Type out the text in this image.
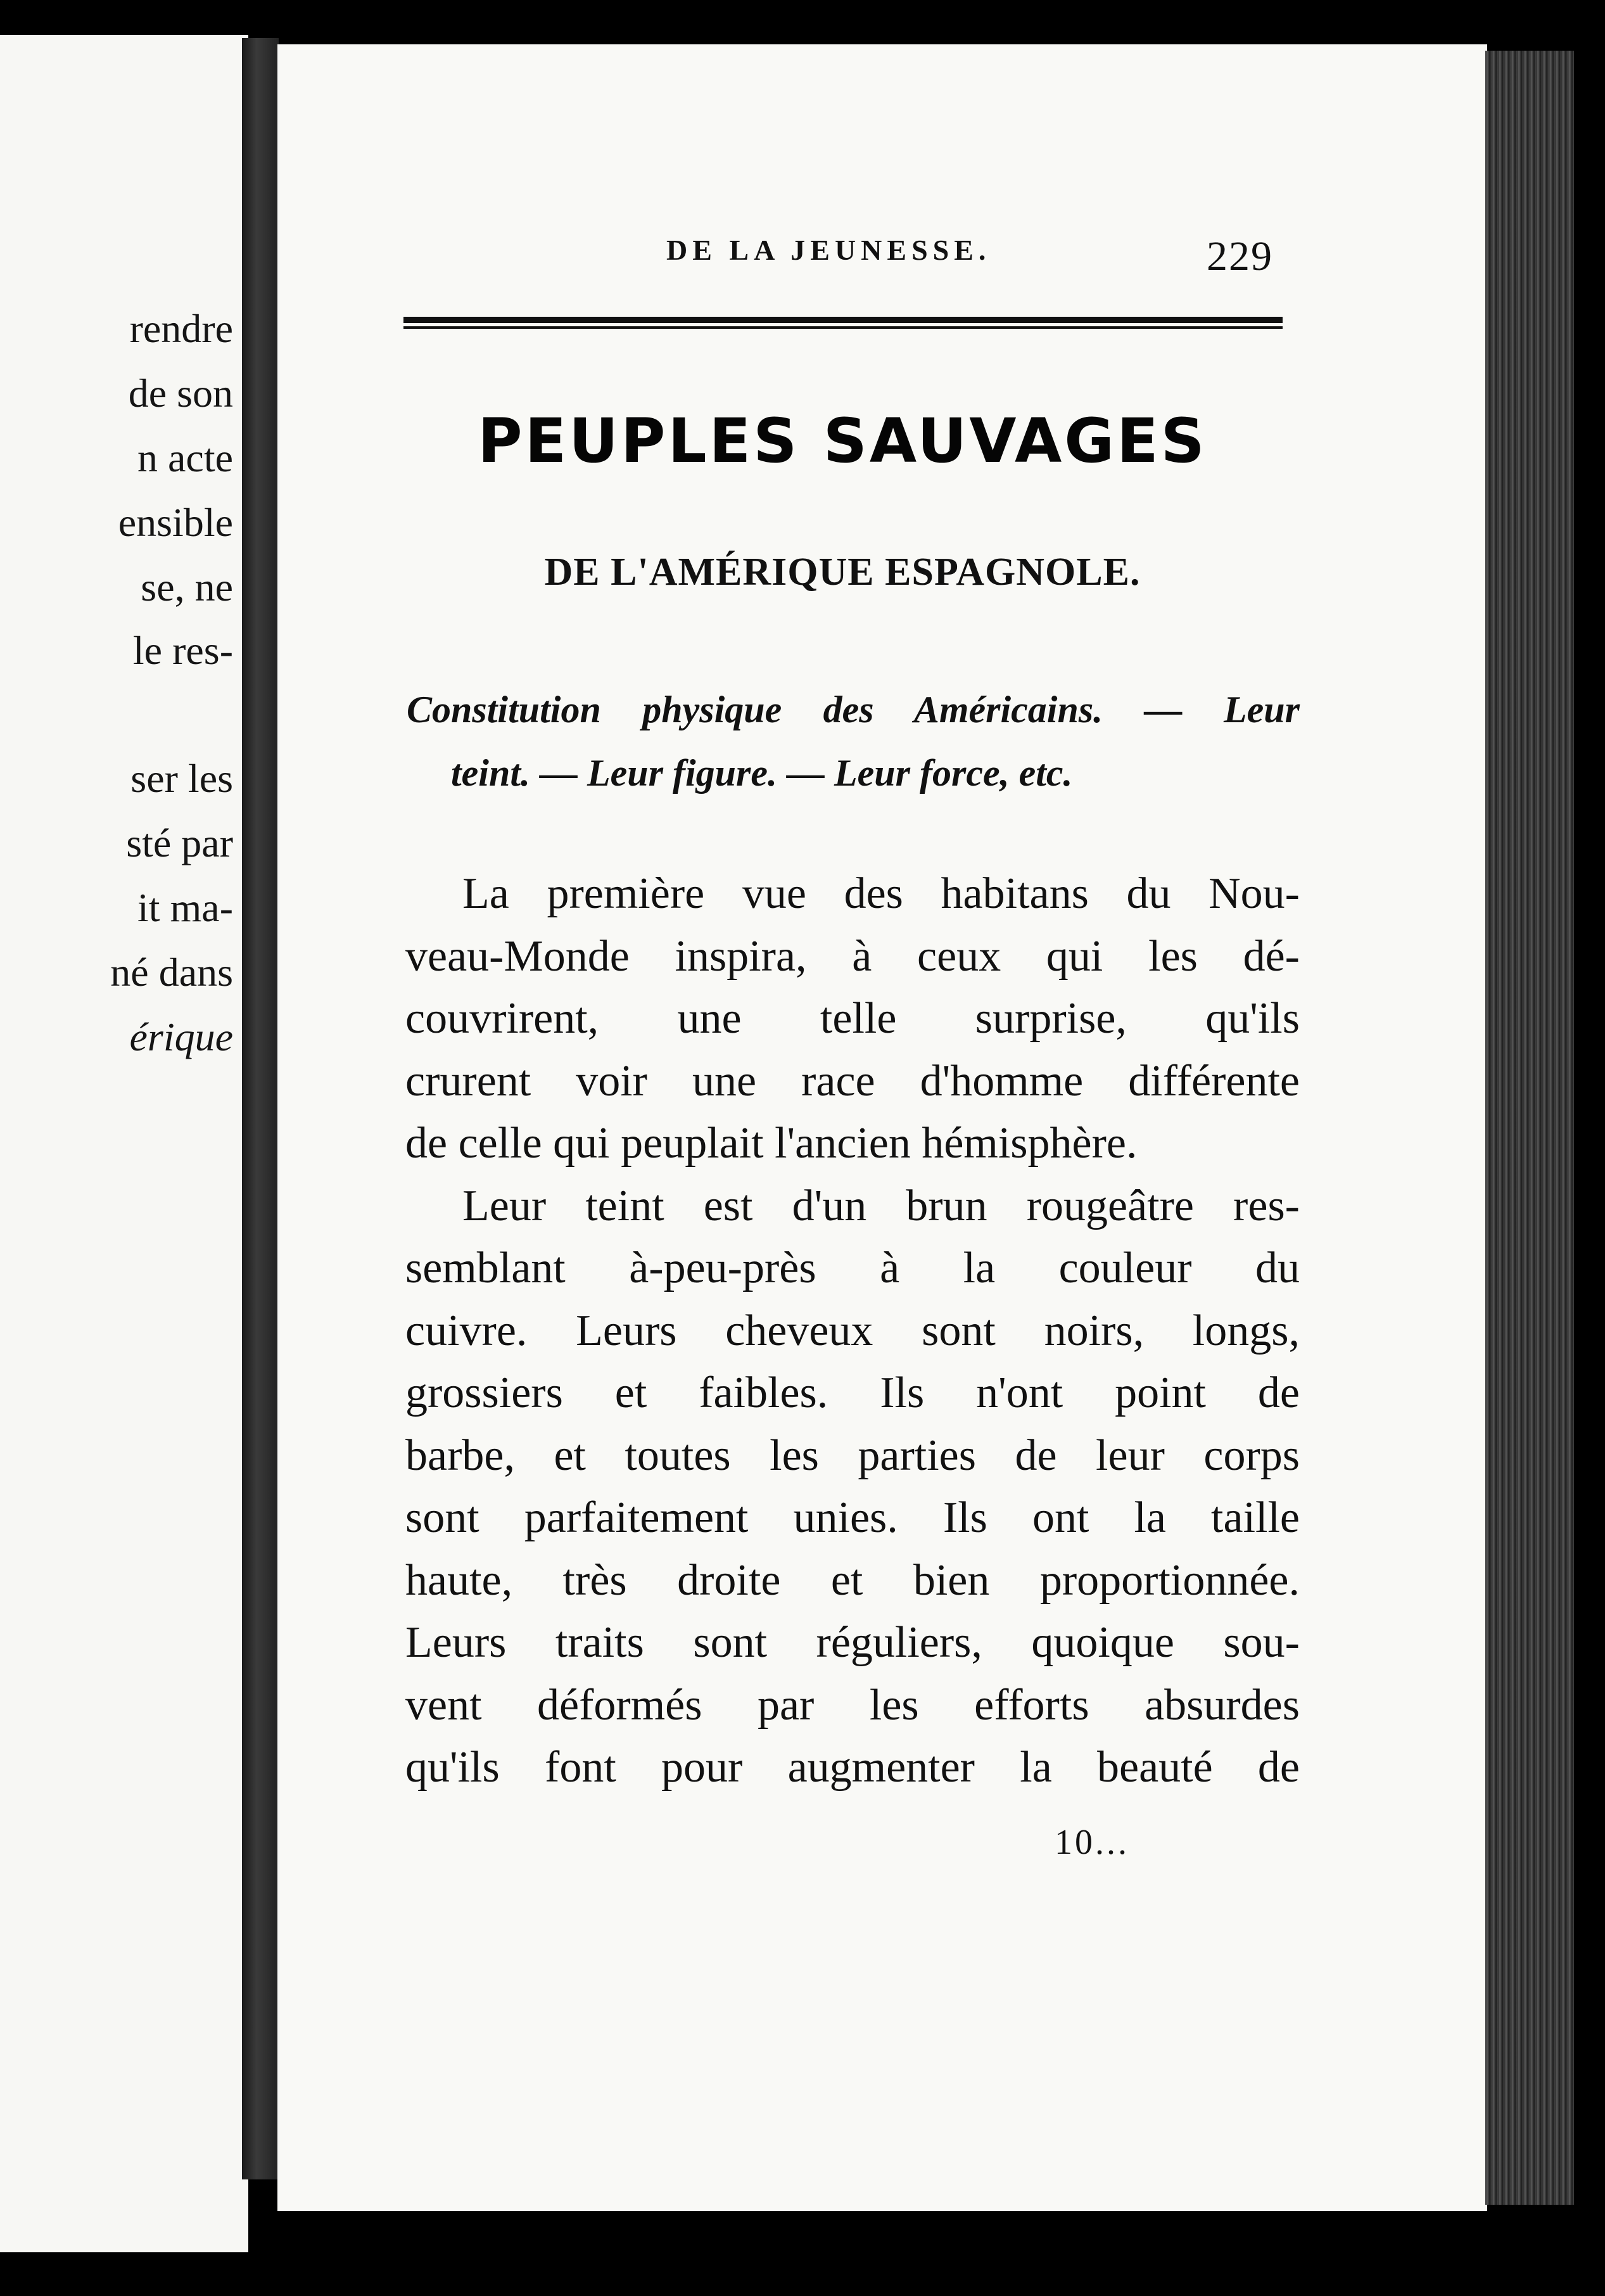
rendre
de son
n acte
ensible
se, ne
le res-
ser les
sté par
it ma-
né dans
érique
DE LA JEUNESSE.	229
PEUPLES SAUVAGES
DE L'AMÉRIQUE ESPAGNOLE.
Constitution physique des Américains. — Leur
teint. — Leur figure. — Leur force, etc.
La première vue des habitans du Nou-
veau-Monde inspira, à ceux qui les dé-
couvrirent, une telle surprise, qu'ils
crurent voir une race d'homme différente
de celle qui peuplait l'ancien hémisphère.
Leur teint est d'un brun rougeâtre res-
semblant à-peu-près à la couleur du
cuivre. Leurs cheveux sont noirs, longs,
grossiers et faibles. Ils n'ont point de
barbe, et toutes les parties de leur corps
sont parfaitement unies. Ils ont la taille
haute, très droite et bien proportionnée.
Leurs traits sont réguliers, quoique sou-
vent déformés par les efforts absurdes
qu'ils font pour augmenter la beauté de
10...
